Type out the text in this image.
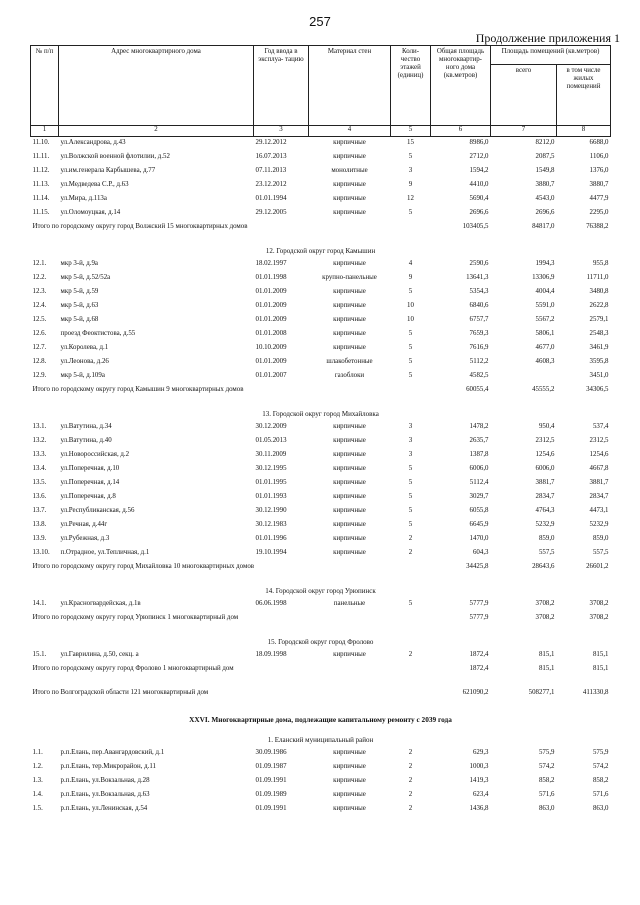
257
Продолжение приложения 1
№ п/п	Адрес многоквартирного дома	Год ввода в эксплуа- тацию	Материал стен	Коли- чество этажей (единиц)	Общая площадь многоквартир- ного дома (кв.метров)	Площадь помещений (кв.метров)	
						всего	в том числе жилых помещений
1	2	3	4	5	6	7	8
11.10.	ул.Александрова, д.43	29.12.2012	кирпичные	15	8986,0	8212,0	6688,0
11.11.	ул.Волжской военной флотилии, д.52	16.07.2013	кирпичные	5	2712,0	2087,5	1106,0
11.12.	ул.им.генерала Карбышева, д.77	07.11.2013	монолитные	3	1594,2	1549,8	1376,0
11.13.	ул.Медведева С.Р., д.63	23.12.2012	кирпичные	9	4410,0	3880,7	3880,7
11.14.	ул.Мира, д.113а	01.01.1994	кирпичные	12	5690,4	4543,0	4477,9
11.15.	ул.Оломоуцкая, д.14	29.12.2005	кирпичные	5	2696,6	2696,6	2295,0
Итого по городскому округу город Волжский 15 многоквартирных домов					103405,5	84817,0	76388,2
12. Городской округ город Камышин							
12.1.	мкр 3-й, д.9а	18.02.1997	кирпичные	4	2590,6	1994,3	955,8
12.2.	мкр 5-й, д.52/52а	01.01.1998	крупно-панельные	9	13641,3	13306,9	11711,0
12.3.	мкр 5-й, д.59	01.01.2009	кирпичные	5	5354,3	4004,4	3480,8
12.4.	мкр 5-й, д.63	01.01.2009	кирпичные	10	6840,6	5591,0	2622,8
12.5.	мкр 5-й, д.68	01.01.2009	кирпичные	10	6757,7	5567,2	2579,1
12.6.	проезд Феоктистова, д.55	01.01.2008	кирпичные	5	7659,3	5806,1	2548,3
12.7.	ул.Королева, д.1	10.10.2009	кирпичные	5	7616,9	4677,0	3461,9
12.8.	ул.Леонова, д.26	01.01.2009	шлакобетонные	5	5112,2	4608,3	3595,8
12.9.	мкр 5-й, д.109а	01.01.2007	газоблоки	5	4582,5		3451,0
Итого по городскому округу город Камышин 9 многоквартирных домов					60055,4	45555,2	34306,5
13. Городской округ город Михайловка							
13.1.	ул.Ватутина, д.34	30.12.2009	кирпичные	3	1478,2	950,4	537,4
13.2.	ул.Ватутина, д.40	01.05.2013	кирпичные	3	2635,7	2312,5	2312,5
13.3.	ул.Новороссийская, д.2	30.11.2009	кирпичные	3	1387,8	1254,6	1254,6
13.4.	ул.Поперечная, д.10	30.12.1995	кирпичные	5	6006,0	6006,0	4667,8
13.5.	ул.Поперечная, д.14	01.01.1995	кирпичные	5	5112,4	3881,7	3881,7
13.6.	ул.Поперечная, д.8	01.01.1993	кирпичные	5	3029,7	2834,7	2834,7
13.7.	ул.Республиканская, д.56	30.12.1990	кирпичные	5	6055,8	4764,3	4473,1
13.8.	ул.Речная, д.44г	30.12.1983	кирпичные	5	6645,9	5232,9	5232,9
13.9.	ул.Рубежная, д.3	01.01.1996	кирпичные	2	1470,0	859,0	859,0
13.10.	п.Отрадное, ул.Тепличная, д.1	19.10.1994	кирпичные	2	604,3	557,5	557,5
Итого по городскому округу город Михайловка 10 многоквартирных домов					34425,8	28643,6	26601,2
14. Городской округ город Урюпинск							
14.1.	ул.Красногвардейская, д.1в	06.06.1998	панельные	5	5777,9	3708,2	3708,2
Итого по городскому округу город Урюпинск 1 многоквартирный дом					5777,9	3708,2	3708,2
15. Городской округ город Фролово							
15.1.	ул.Гаврилина, д.50, секц. а	18.09.1998	кирпичные	2	1872,4	815,1	815,1
Итого по городскому округу город Фролово 1 многоквартирный дом					1872,4	815,1	815,1
Итого по Волгоградской области 121 многоквартирный дом					621090,2	508277,1	411330,8
XXVI. Многоквартирные дома, подлежащие капитальному ремонту с 2039 года							
1. Еланский муниципальный район							
1.1.	р.п.Елань, пер.Авангардовский, д.1	30.09.1986	кирпичные	2	629,3	575,9	575,9
1.2.	р.п.Елань, тер.Микрорайон, д.11	01.09.1987	кирпичные	2	1000,3	574,2	574,2
1.3.	р.п.Елань, ул.Вокзальная, д.28	01.09.1991	кирпичные	2	1419,3	858,2	858,2
1.4.	р.п.Елань, ул.Вокзальная, д.63	01.09.1989	кирпичные	2	623,4	571,6	571,6
1.5.	р.п.Елань, ул.Ленинская, д.54	01.09.1991	кирпичные	2	1436,8	863,0	863,0
